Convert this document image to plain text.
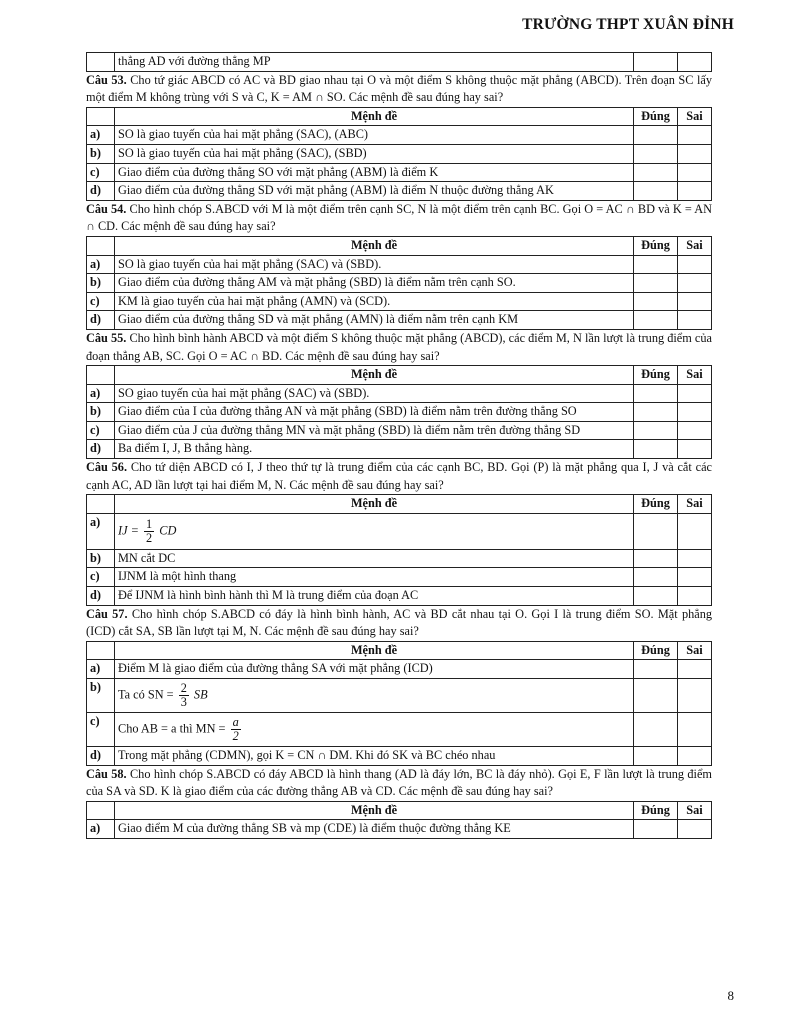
TRƯỜNG THPT XUÂN ĐỈNH
	thẳng AD với đường thẳng MP		

Câu 53. Cho tứ giác ABCD có AC và BD giao nhau tại O và một điểm S không thuộc mặt phẳng (ABCD). Trên đoạn SC lấy một điểm M không trùng với S và C, K = AM ∩ SO. Các mệnh đề sau đúng hay sai?

	Mệnh đề	Đúng	Sai
a)	SO là giao tuyến của hai mặt phẳng (SAC), (ABC)		
b)	SO là giao tuyến của hai mặt phẳng (SAC), (SBD)		
c)	Giao điểm của đường thẳng SO với mặt phẳng (ABM) là điểm K		
d)	Giao điểm của đường thẳng SD với mặt phẳng (ABM) là điểm N thuộc đường thẳng AK		

Câu 54. Cho hình chóp S.ABCD với M là một điểm trên cạnh SC, N là một điểm trên cạnh BC. Gọi O = AC ∩ BD và K = AN ∩ CD. Các mệnh đề sau đúng hay sai?

	Mệnh đề	Đúng	Sai
a)	SO là giao tuyến của hai mặt phẳng (SAC) và (SBD).		
b)	Giao điểm của đường thẳng AM và mặt phẳng (SBD) là điểm nằm trên cạnh SO.		
c)	KM là giao tuyến của hai mặt phẳng (AMN) và (SCD).		
d)	Giao điểm của đường thẳng SD và mặt phẳng (AMN) là điểm nằm trên cạnh KM		

Câu 55. Cho hình bình hành ABCD và một điểm S không thuộc mặt phẳng (ABCD), các điểm M, N lần lượt là trung điểm của đoạn thẳng AB, SC. Gọi O = AC ∩ BD. Các mệnh đề sau đúng hay sai?

	Mệnh đề	Đúng	Sai
a)	SO giao tuyến của hai mặt phẳng (SAC) và (SBD).		
b)	Giao điểm của I của đường thẳng AN và mặt phẳng (SBD) là điểm nằm trên đường thẳng SO		
c)	Giao điểm của J của đường thẳng MN và mặt phẳng (SBD) là điểm nằm trên đường thẳng SD		
d)	Ba điểm I, J, B thẳng hàng.		

Câu 56. Cho tứ diện ABCD có I, J theo thứ tự là trung điểm của các cạnh BC, BD. Gọi (P) là mặt phẳng qua I, J và cắt các cạnh AC, AD lần lượt tại hai điểm M, N. Các mệnh đề sau đúng hay sai?

	Mệnh đề	Đúng	Sai
a)	IJ = $\frac{1}{2}$ CD		
b)	MN cắt DC		
c)	IJNM là một hình thang		
d)	Để IJNM là hình bình hành thì M là trung điểm của đoạn AC		

Câu 57. Cho hình chóp S.ABCD có đáy là hình bình hành, AC và BD cắt nhau tại O. Gọi I là trung điểm SO. Mặt phẳng (ICD) cắt SA, SB lần lượt tại M, N. Các mệnh đề sau đúng hay sai?

	Mệnh đề	Đúng	Sai
a)	Điểm M là giao điểm của đường thẳng SA với mặt phẳng (ICD)		
b)	Ta có SN = $\frac{2}{3}$ SB		
c)	Cho AB = a thì MN = $\frac{a}{2}$

d)	Trong mặt phẳng (CDMN), gọi K = CN ∩ DM. Khi đó SK và BC chéo nhau		

Câu 58. Cho hình chóp S.ABCD có đáy ABCD là hình thang (AD là đáy lớn, BC là đáy nhỏ). Gọi E, F lần lượt là trung điểm của SA và SD. K là giao điểm của các đường thẳng AB và CD. Các mệnh đề sau đúng hay sai?

	Mệnh đề	Đúng	Sai
a)	Giao điểm M của đường thẳng SB và mp (CDE) là điểm thuộc đường thẳng KE		
8
